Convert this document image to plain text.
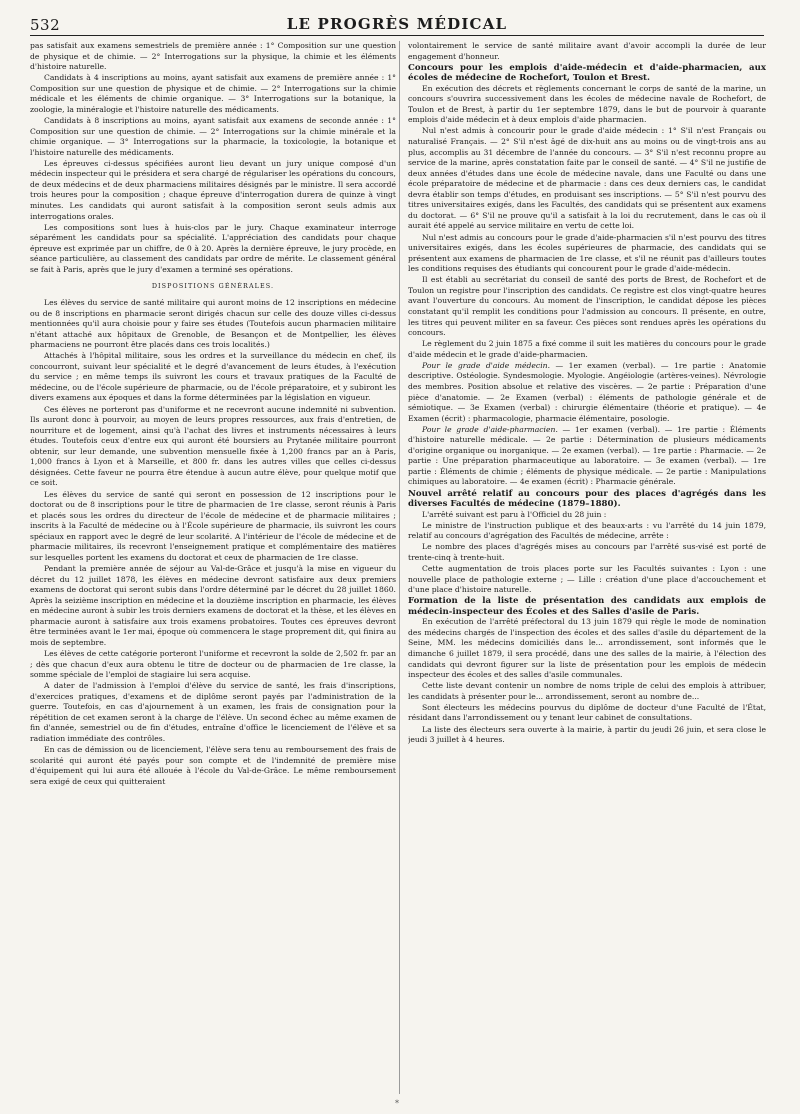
532	LE PROGRÈS MÉDICAL

pas satisfait aux examens semestriels de première année : 1° Composition sur une question de physique et de chimie. — 2° Interrogations sur la physique, la chimie et les éléments d'histoire naturelle.

Candidats à 4 inscriptions au moins, ayant satisfait aux examens de première année : 1° Composition sur une question de physique et de chimie. — 2° Interrogations sur la chimie médicale et les éléments de chimie organique. — 3° Interrogations sur la botanique, la zoologie, la minéralogie et l'histoire naturelle des médicaments.

Candidats à 8 inscriptions au moins, ayant satisfait aux examens de seconde année : 1° Composition sur une question de chimie. — 2° Interrogations sur la chimie minérale et la chimie organique. — 3° Interrogations sur la pharmacie, la toxicologie, la botanique et l'histoire naturelle des médicaments.

Les épreuves ci-dessus spécifiées auront lieu devant un jury unique composé d'un médecin inspecteur qui le présidera et sera chargé de régulariser les opérations du concours, de deux médecins et de deux pharmaciens militaires désignés par le ministre. Il sera accordé trois heures pour la composition ; chaque épreuve d'interrogation durera de quinze à vingt minutes. Les candidats qui auront satisfait à la composition seront seuls admis aux interrogations orales.

Les compositions sont lues à huis-clos par le jury. Chaque examinateur interroge séparément les candidats pour sa spécialité. L'appréciation des candidats pour chaque épreuve est exprimée par un chiffre, de 0 à 20. Après la dernière épreuve, le jury procède, en séance particulière, au classement des candidats par ordre de mérite. Le classement général se fait à Paris, après que le jury d'examen a terminé ses opérations.

DISPOSITIONS GÉNÉRALES.

Les élèves du service de santé militaire qui auront moins de 12 inscriptions en médecine ou de 8 inscriptions en pharmacie seront dirigés chacun sur celle des douze villes ci-dessus mentionnées qu'il aura choisie pour y faire ses études (Toutefois aucun pharmacien militaire n'étant attaché aux hôpitaux de Grenoble, de Besançon et de Montpellier, les élèves pharmaciens ne pourront être placés dans ces trois localités.)

Attachés à l'hôpital militaire, sous les ordres et la surveillance du médecin en chef, ils concourront, suivant leur spécialité et le degré d'avancement de leurs études, à l'exécution du service ; en même temps ils suivront les cours et travaux pratiques de la Faculté de médecine, ou de l'école supérieure de pharmacie, ou de l'école préparatoire, et y subiront les divers examens aux époques et dans la forme déterminées par la législation en vigueur.

Ces élèves ne porteront pas d'uniforme et ne recevront aucune indemnité ni subvention. Ils auront donc à pourvoir, au moyen de leurs propres ressources, aux frais d'entretien, de nourriture et de logement, ainsi qu'à l'achat des livres et instruments nécessaires à leurs études. Toutefois ceux d'entre eux qui auront été boursiers au Prytanée militaire pourront obtenir, sur leur demande, une subvention mensuelle fixée à 1,200 francs par an à Paris, 1,000 francs à Lyon et à Marseille, et 800 fr. dans les autres villes que celles ci-dessus désignées. Cette faveur ne pourra être étendue à aucun autre élève, pour quelque motif que ce soit.

Les élèves du service de santé qui seront en possession de 12 inscriptions pour le doctorat ou de 8 inscriptions pour le titre de pharmacien de 1re classe, seront réunis à Paris et placés sous les ordres du directeur de l'école de médecine et de pharmacie militaires ; inscrits à la Faculté de médecine ou à l'École supérieure de pharmacie, ils suivront les cours spéciaux en rapport avec le degré de leur scolarité. A l'intérieur de l'école de médecine et de pharmacie militaires, ils recevront l'enseignement pratique et complémentaire des matières sur lesquelles portent les examens du doctorat et ceux de pharmacien de 1re classe.

Pendant la première année de séjour au Val-de-Grâce et jusqu'à la mise en vigueur du décret du 12 juillet 1878, les élèves en médecine devront satisfaire aux deux premiers examens de doctorat qui seront subis dans l'ordre déterminé par le décret du 28 juillet 1860. Après la seizième inscription en médecine et la douzième inscription en pharmacie, les élèves en médecine auront à subir les trois derniers examens de doctorat et la thèse, et les élèves en pharmacie auront à satisfaire aux trois examens probatoires. Toutes ces épreuves devront être terminées avant le 1er mai, époque où commencera le stage proprement dit, qui finira au mois de septembre.

Les élèves de cette catégorie porteront l'uniforme et recevront la solde de 2,502 fr. par an ; dès que chacun d'eux aura obtenu le titre de docteur ou de pharmacien de 1re classe, la somme spéciale de l'emploi de stagiaire lui sera acquise.

A dater de l'admission à l'emploi d'élève du service de santé, les frais d'inscriptions, d'exercices pratiques, d'examens et de diplôme seront payés par l'administration de la guerre. Toutefois, en cas d'ajournement à un examen, les frais de consignation pour la répétition de cet examen seront à la charge de l'élève. Un second échec au même examen de fin d'année, semestriel ou de fin d'études, entraîne d'office le licenciement de l'élève et sa radiation immédiate des contrôles.

En cas de démission ou de licenciement, l'élève sera tenu au remboursement des frais de scolarité qui auront été payés pour son compte et de l'indemnité de première mise d'équipement qui lui aura été allouée à l'école du Val-de-Grâce. Le même remboursement sera exigé de ceux qui quitteraient

volontairement le service de santé militaire avant d'avoir accompli la durée de leur engagement d'honneur.

Concours pour les emplois d'aide-médecin et d'aide-pharmacien, aux écoles de médecine de Rochefort, Toulon et Brest.

En exécution des décrets et règlements concernant le corps de santé de la marine, un concours s'ouvrira successivement dans les écoles de médecine navale de Rochefort, de Toulon et de Brest, à partir du 1er septembre 1879, dans le but de pourvoir à quarante emplois d'aide médecin et à deux emplois d'aide pharmacien.

Nul n'est admis à concourir pour le grade d'aide médecin : 1° S'il n'est Français ou naturalisé Français. — 2° S'il n'est âgé de dix-huit ans au moins ou de vingt-trois ans au plus, accomplis au 31 décembre de l'année du concours. — 3° S'il n'est reconnu propre au service de la marine, après constatation faite par le conseil de santé. — 4° S'il ne justifie de deux années d'études dans une école de médecine navale, dans une Faculté ou dans une école préparatoire de médecine et de pharmacie : dans ces deux derniers cas, le candidat devra établir son temps d'études, en produisant ses inscriptions. — 5° S'il n'est pourvu des titres universitaires exigés, dans les Facultés, des candidats qui se présentent aux examens du doctorat. — 6° S'il ne prouve qu'il a satisfait à la loi du recrutement, dans le cas où il aurait été appelé au service militaire en vertu de cette loi.

Nul n'est admis au concours pour le grade d'aide-pharmacien s'il n'est pourvu des titres universitaires exigés, dans les écoles supérieures de pharmacie, des candidats qui se présentent aux examens de pharmacien de 1re classe, et s'il ne réunit pas d'ailleurs toutes les conditions requises des étudiants qui concourent pour le grade d'aide-médecin.

Il est établi au secrétariat du conseil de santé des ports de Brest, de Rochefort et de Toulon un registre pour l'inscription des candidats. Ce registre est clos vingt-quatre heures avant l'ouverture du concours. Au moment de l'inscription, le candidat dépose les pièces constatant qu'il remplit les conditions pour l'admission au concours. Il présente, en outre, les titres qui peuvent militer en sa faveur. Ces pièces sont rendues après les opérations du concours.

Le règlement du 2 juin 1875 a fixé comme il suit les matières du concours pour le grade d'aide médecin et le grade d'aide-pharmacien.

Pour le grade d'aide médecin. — 1er examen (verbal). — 1re partie : Anatomie descriptive. Ostéologie. Syndesmologie. Myologie. Angéiologie (artères-veines). Névrologie des membres. Position absolue et relative des viscères. — 2e partie : Préparation d'une pièce d'anatomie. — 2e Examen (verbal) : éléments de pathologie générale et de sémiotique. — 3e Examen (verbal) : chirurgie élémentaire (théorie et pratique). — 4e Examen (écrit) : pharmacologie, pharmacie élémentaire, posologie.

Pour le grade d'aide-pharmacien. — 1er examen (verbal). — 1re partie : Éléments d'histoire naturelle médicale. — 2e partie : Détermination de plusieurs médicaments d'origine organique ou inorganique. — 2e examen (verbal). — 1re partie : Pharmacie. — 2e partie : Une préparation pharmaceutique au laboratoire. — 3e examen (verbal). — 1re partie : Éléments de chimie ; éléments de physique médicale. — 2e partie : Manipulations chimiques au laboratoire. — 4e examen (écrit) : Pharmacie générale.

Nouvel arrêté relatif au concours pour des places d'agrégés dans les diverses Facultés de médecine (1879–1880).

L'arrêté suivant est paru à l'Officiel du 28 juin :

Le ministre de l'instruction publique et des beaux-arts : vu l'arrêté du 14 juin 1879, relatif au concours d'agrégation des Facultés de médecine, arrête :

Le nombre des places d'agrégés mises au concours par l'arrêté sus-visé est porté de trente-cinq à trente-huit.

Cette augmentation de trois places porte sur les Facultés suivantes : Lyon : une nouvelle place de pathologie externe ; — Lille : création d'une place d'accouchement et d'une place d'histoire naturelle.

Formation de la liste de présentation des candidats aux emplois de médecin-inspecteur des Écoles et des Salles d'asile de Paris.

En exécution de l'arrêté préfectoral du 13 juin 1879 qui règle le mode de nomination des médecins chargés de l'inspection des écoles et des salles d'asile du département de la Seine, MM. les médecins domiciliés dans le... arrondissement, sont informés que le dimanche 6 juillet 1879, il sera procédé, dans une des salles de la mairie, à l'élection des candidats qui devront figurer sur la liste de présentation pour les emplois de médecin inspecteur des écoles et des salles d'asile communales.

Cette liste devant contenir un nombre de noms triple de celui des emplois à attribuer, les candidats à présenter pour le... arrondissement, seront au nombre de...

Sont électeurs les médecins pourvus du diplôme de docteur d'une Faculté de l'État, résidant dans l'arrondissement ou y tenant leur cabinet de consultations.

La liste des électeurs sera ouverte à la mairie, à partir du jeudi 26 juin, et sera close le jeudi 3 juillet à 4 heures.

*
